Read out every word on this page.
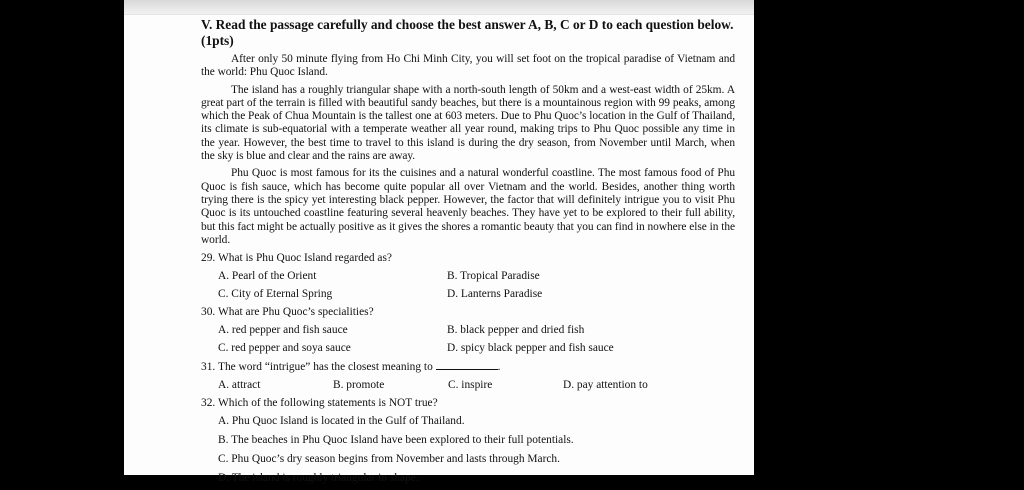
V. Read the passage carefully and choose the best answer A, B, C or D to each question below.
(1pts)

After only 50 minute flying from Ho Chi Minh City, you will set foot on the tropical paradise of Vietnam and the world: Phu Quoc Island.

The island has a roughly triangular shape with a north-south length of 50km and a west-east width of 25km. A great part of the terrain is filled with beautiful sandy beaches, but there is a mountainous region with 99 peaks, among which the Peak of Chua Mountain is the tallest one at 603 meters. Due to Phu Quoc’s location in the Gulf of Thailand, its climate is sub-equatorial with a temperate weather all year round, making trips to Phu Quoc possible any time in the year. However, the best time to travel to this island is during the dry season, from November until March, when the sky is blue and clear and the rains are away.

Phu Quoc is most famous for its the cuisines and a natural wonderful coastline. The most famous food of Phu Quoc is fish sauce, which has become quite popular all over Vietnam and the world. Besides, another thing worth trying there is the spicy yet interesting black pepper. However, the factor that will definitely intrigue you to visit Phu Quoc is its untouched coastline featuring several heavenly beaches. They have yet to be explored to their full ability, but this fact might be actually positive as it gives the shores a romantic beauty that you can find in nowhere else in the world.

29. What is Phu Quoc Island regarded as?
A. Pearl of the Orient	B. Tropical Paradise
C. City of Eternal Spring	D. Lanterns Paradise
30. What are Phu Quoc’s specialities?
A. red pepper and fish sauce	B. black pepper and dried fish
C. red pepper and soya sauce	D. spicy black pepper and fish sauce
31. The word “intrigue” has the closest meaning to	.
A. attract	B. promote	C. inspire	D. pay attention to
32. Which of the following statements is NOT true?
A. Phu Quoc Island is located in the Gulf of Thailand.
B. The beaches in Phu Quoc Island have been explored to their full potentials.
C. Phu Quoc’s dry season begins from November and lasts through March.
D. The island is roughly triangular in shape.
